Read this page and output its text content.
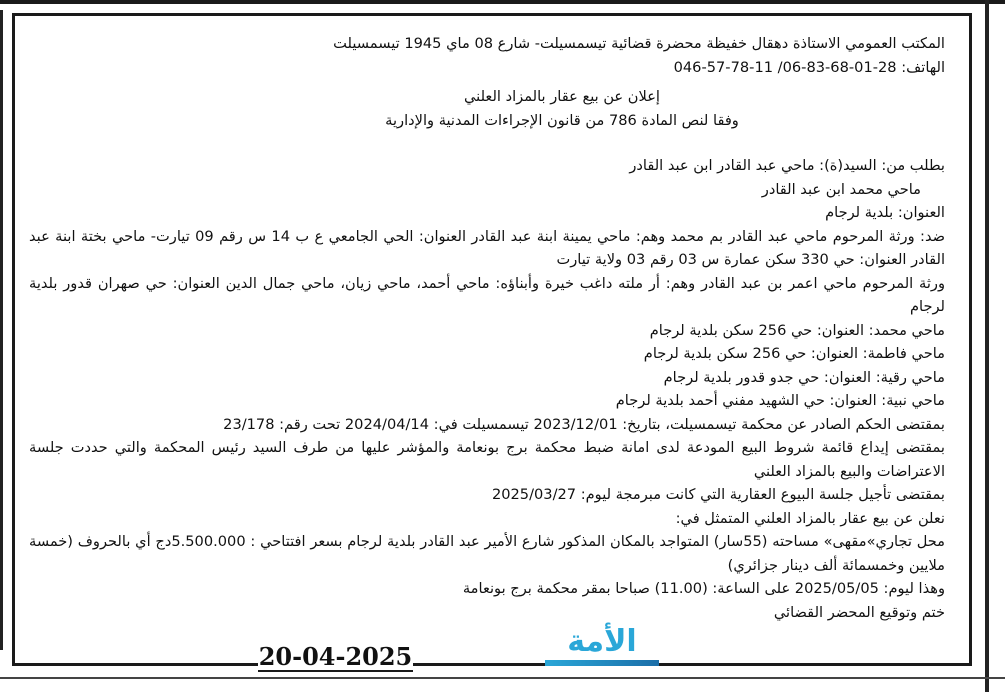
المكتب العمومي الاستاذة دهقال خفيظة محضرة قضائية تيسمسيلت- شارع 08 ماي 1945 تيسمسيلت

الهاتف: 28-01-68-83-06/ 11-78-57-046

إعلان عن بيع عقار بالمزاد العلني

وفقا لنص المادة 786 من قانون الإجراءات المدنية والإدارية

بطلب من: السيد(ة): ماحي عبد القادر ابن عبد القادر

ماحي محمد ابن عبد القادر

العنوان: بلدية لرجام

ضد: ورثة المرحوم ماحي عبد القادر بم محمد وهم: ماحي يمينة ابنة عبد القادر العنوان: الحي الجامعي ع ب 14 س رقم 09 تيارت- ماحي بختة ابنة عبد القادر العنوان: حي 330 سكن عمارة س 03 رقم 03 ولاية تيارت

ورثة المرحوم ماحي اعمر بن عبد القادر وهم: أر ملته داغب خيرة وأبناؤه: ماحي أحمد، ماحي زيان، ماحي جمال الدين العنوان: حي صهران قدور بلدية لرجام

ماحي محمد: العنوان: حي 256 سكن بلدية لرجام

ماحي فاطمة: العنوان: حي 256 سكن بلدية لرجام

ماحي رقية: العنوان: حي جدو قدور بلدية لرجام

ماحي نبية: العنوان: حي الشهيد مفني أحمد بلدية لرجام

بمقتضى الحكم الصادر عن محكمة تيسمسيلت، بتاريخ: 2023/12/01 تيسمسيلت في: 2024/04/14 تحت رقم: 23/178

بمقتضى إيداع قائمة شروط البيع المودعة لدى امانة ضبط محكمة برج بونعامة والمؤشر عليها من طرف السيد رئيس المحكمة والتي حددت جلسة الاعتراضات والبيع بالمزاد العلني

بمقتضى تأجيل جلسة البيوع العقارية التي كانت مبرمجة ليوم: 2025/03/27

نعلن عن بيع عقار بالمزاد العلني المتمثل في:

محل تجاري»مقهى» مساحته (55سار) المتواجد بالمكان المذكور شارع الأمير عبد القادر بلدية لرجام بسعر افتتاحي : 5.500.000دج أي بالحروف (خمسة ملايين وخمسمائة ألف دينار جزائري)

وهذا ليوم: 2025/05/05 على الساعة: (11.00) صباحا بمقر محكمة برج بونعامة

ختم وتوقيع المحضر القضائي

الأمة
20-04-2025
